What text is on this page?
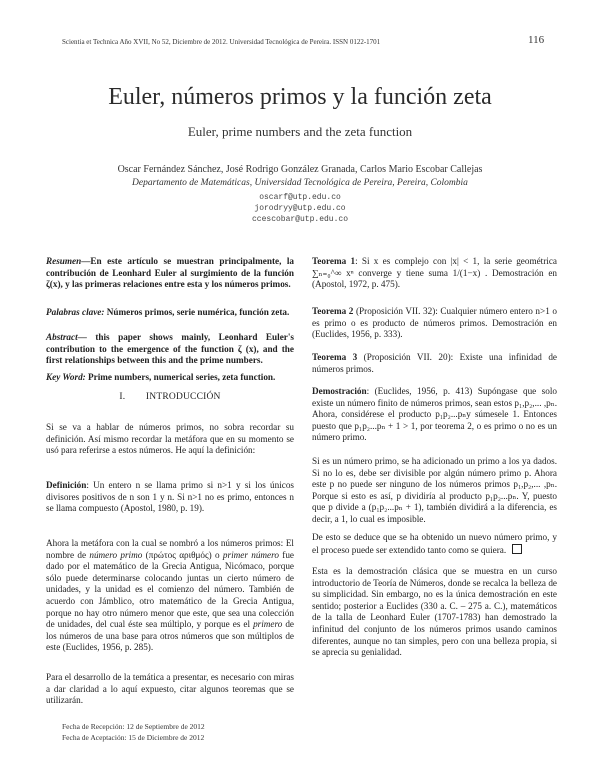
Scientia et Technica Año XVII, No 52, Diciembre de 2012. Universidad Tecnológica de Pereira. ISSN 0122-1701	116
Euler, números primos y la función zeta
Euler, prime numbers and the zeta function
Oscar Fernández Sánchez, José Rodrigo González Granada, Carlos Mario Escobar Callejas
Departamento de Matemáticas, Universidad Tecnológica de Pereira, Pereira, Colombia
oscarf@utp.edu.co
jorodryy@utp.edu.co
ccescobar@utp.edu.co

Resumen—En este artículo se muestran principalmente, la contribución de Leonhard Euler al surgimiento de la función ζ(x), y las primeras relaciones entre esta y los números primos.

Palabras clave: Números primos, serie numérica, función zeta.

Abstract— this paper shows mainly, Leonhard Euler's contribution to the emergence of the function ζ (x), and the first relationships between this and the prime numbers.

Key Word: Prime numbers, numerical series, zeta function.

I.        INTRODUCCIÓN

Si se va a hablar de números primos, no sobra recordar su definición. Así mismo recordar la metáfora que en su momento se usó para referirse a estos números. He aquí la definición:

Definición: Un entero n se llama primo si n>1 y si los únicos divisores positivos de n son 1 y n. Si n>1 no es primo, entonces n se llama compuesto (Apostol, 1980, p. 19).

Ahora la metáfora con la cual se nombró a los números primos: El nombre de número primo (πρώτος αριθμός) o primer número fue dado por el matemático de la Grecia Antigua, Nicómaco, porque sólo puede determinarse colocando juntas un cierto número de unidades, y la unidad es el comienzo del número. También de acuerdo con Jámblico, otro matemático de la Grecia Antigua, porque no hay otro número menor que este, que sea una colección de unidades, del cual éste sea múltiplo, y porque es el primero de los números de una base para otros números que son múltiplos de este (Euclides, 1956, p. 285).

Para el desarrollo de la temática a presentar, es necesario con miras a dar claridad a lo aquí expuesto, citar algunos teoremas que se utilizarán.

Teorema 1: Si x es complejo con |x| < 1, la serie geométrica ∑ₙ₌₀^∞ xⁿ converge y tiene suma 1/(1−x) . Demostración en (Apostol, 1972, p. 475).

Teorema 2 (Proposición VII. 32): Cualquier número entero n>1 o es primo o es producto de números primos. Demostración en (Euclides, 1956, p. 333).

Teorema 3 (Proposición VII. 20): Existe una infinidad de números primos.

Demostración: (Euclides, 1956, p. 413) Supóngase que solo existe un número finito de números primos, sean estos p₁,p₂,... ,pₙ. Ahora, considérese el producto p₁p₂...pₙy súmesele 1. Entonces puesto que p₁p₂...pₙ + 1 > 1, por teorema 2, o es primo o no es un número primo.

Si es un número primo, se ha adicionado un primo a los ya dados. Si no lo es, debe ser divisible por algún número primo p. Ahora este p no puede ser ninguno de los números primos p₁,p₂,... ,pₙ. Porque si esto es así, p dividiría al producto p₁p₂...pₙ. Y, puesto que p divide a (p₁p₂...pₙ + 1), también dividirá a la diferencia, es decir, a 1, lo cual es imposible.

De esto se deduce que se ha obtenido un nuevo número primo, y el proceso puede ser extendido tanto como se quiera.

Esta es la demostración clásica que se muestra en un curso introductorio de Teoría de Números, donde se recalca la belleza de su simplicidad. Sin embargo, no es la única demostración en este sentido; posterior a Euclides (330 a. C. – 275 a. C.), matemáticos de la talla de Leonhard Euler (1707-1783) han demostrado la infinitud del conjunto de los números primos usando caminos diferentes, aunque no tan simples, pero con una belleza propia, si se aprecia su genialidad.

Fecha de Recepción: 12 de Septiembre de 2012
Fecha de Aceptación: 15 de Diciembre de 2012
